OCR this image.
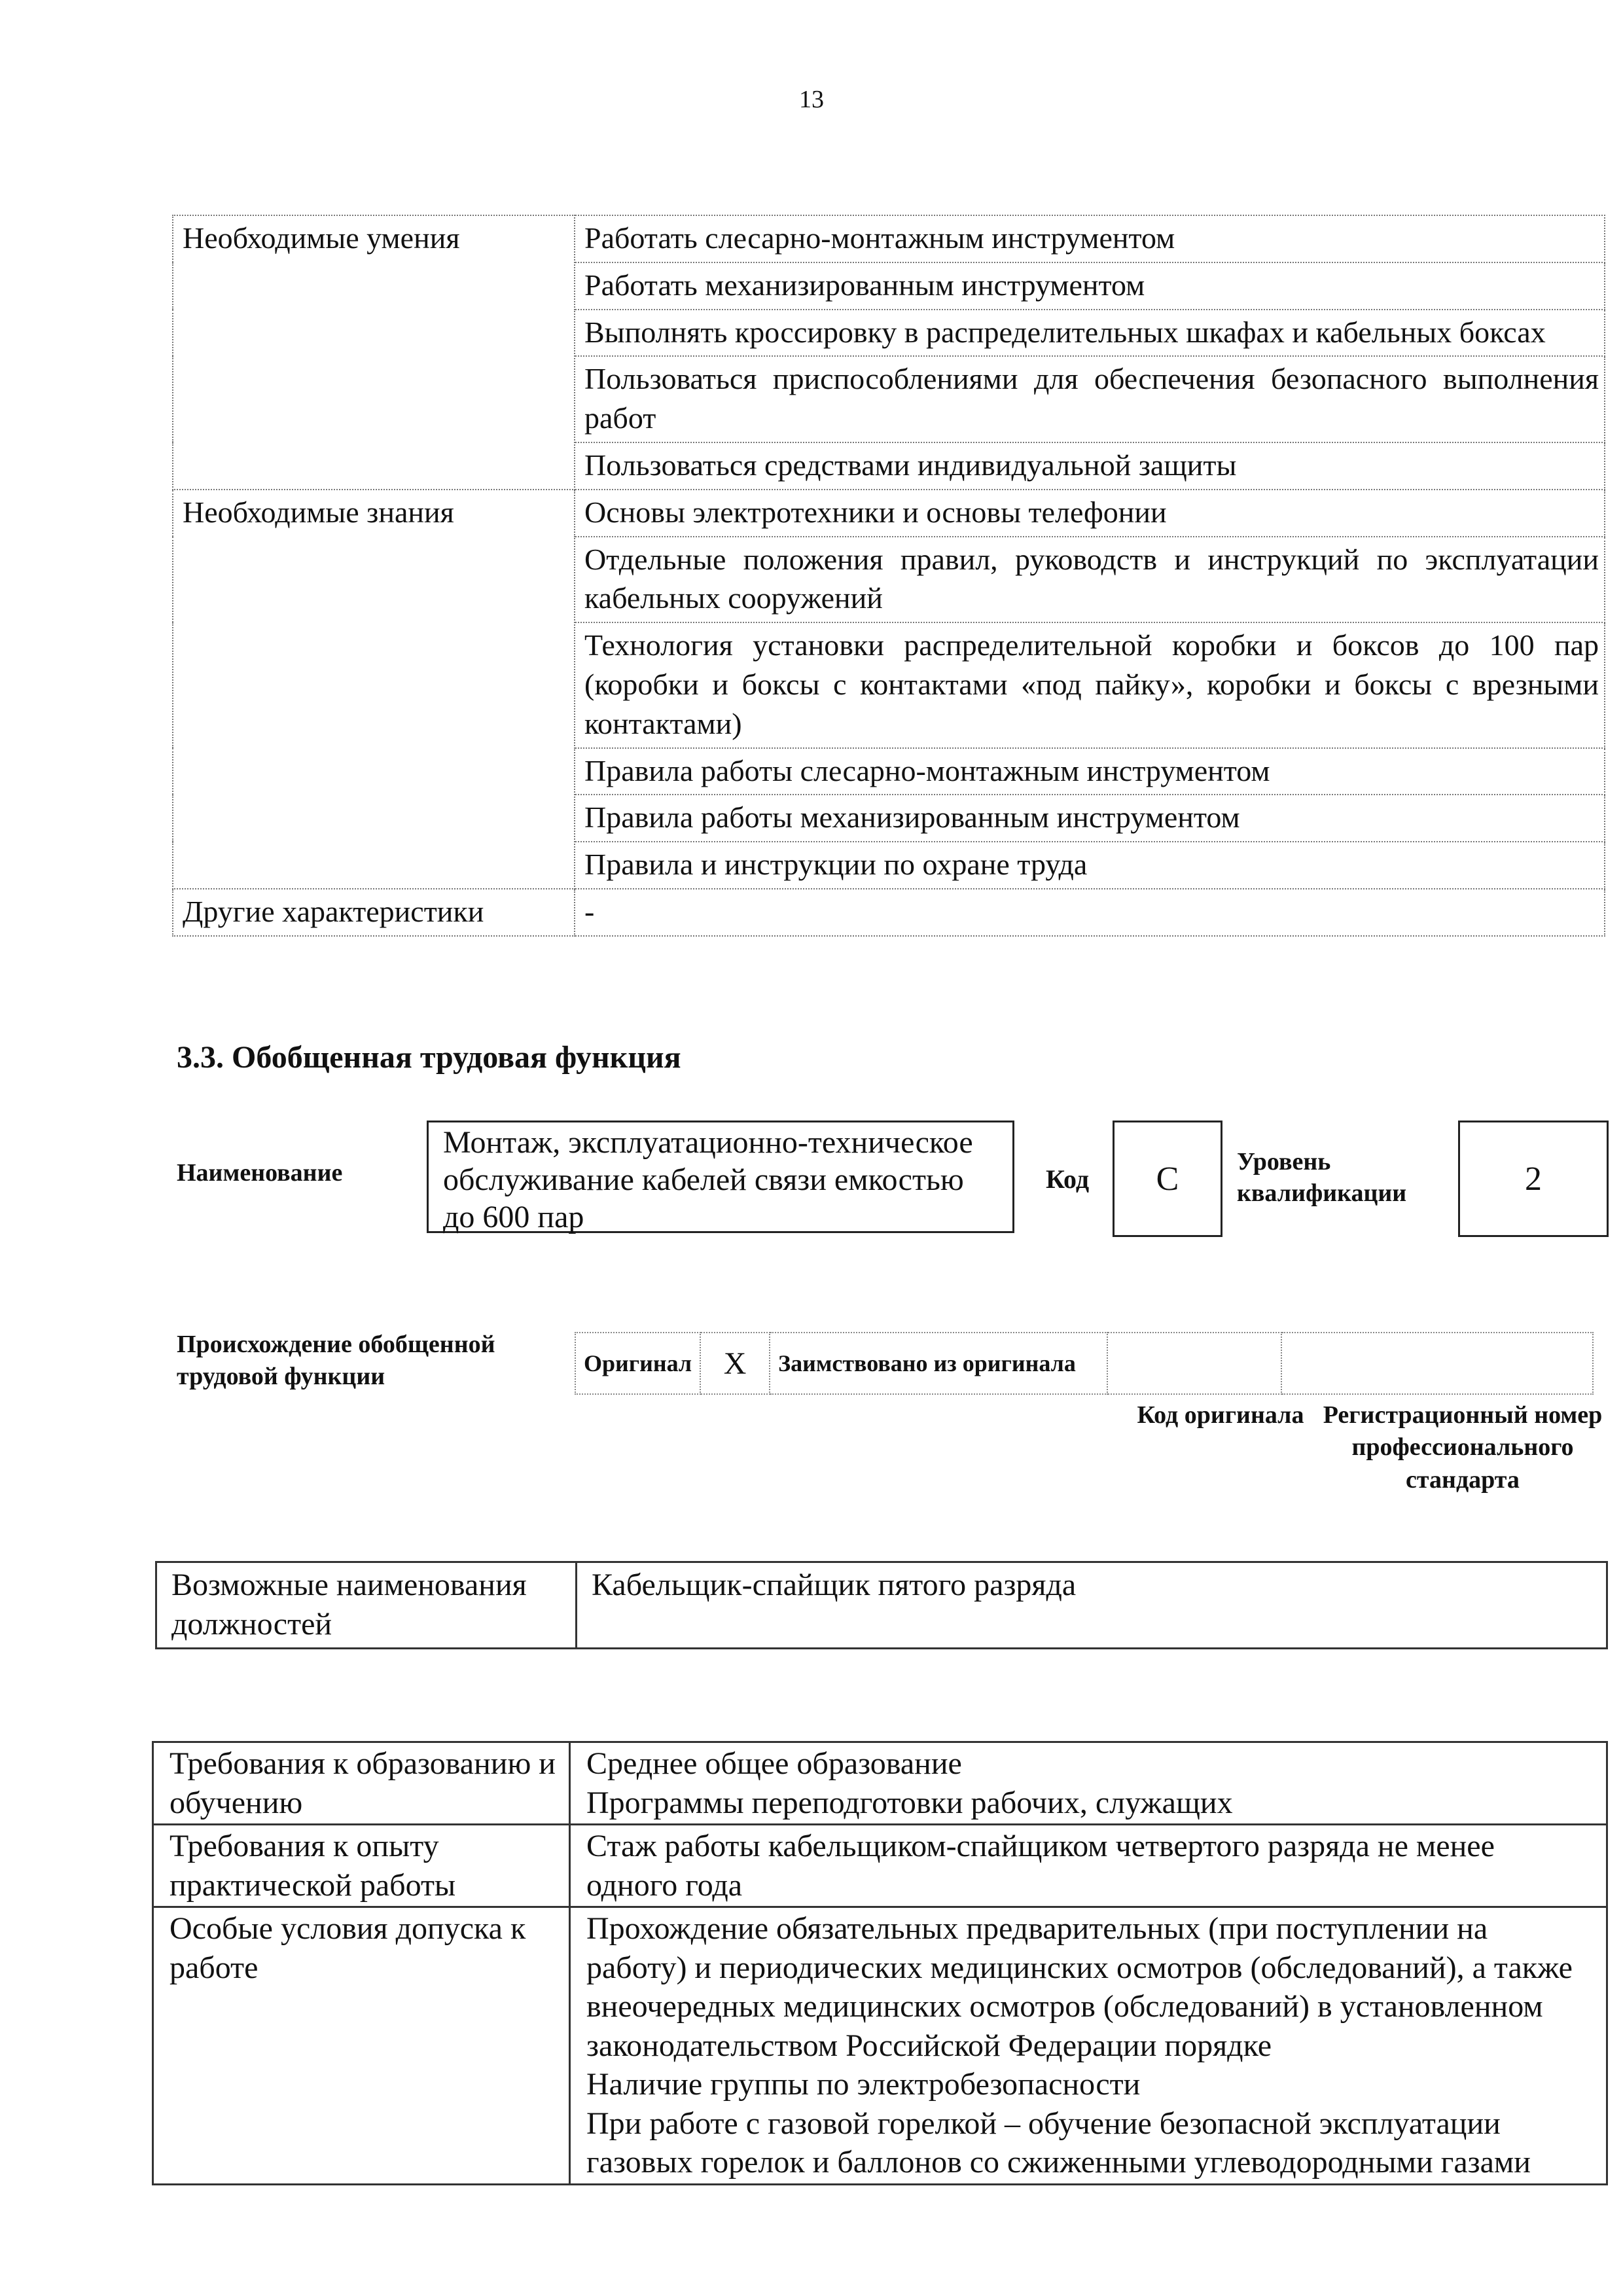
13
Необходимые умения	Работать слесарно-монтажным инструментом
	Работать механизированным инструментом
	Выполнять кроссировку в распределительных шкафах и кабельных боксах
	Пользоваться приспособлениями для обеспечения безопасного выполнения работ
	Пользоваться средствами индивидуальной защиты
Необходимые знания	Основы электротехники и основы телефонии
	Отдельные положения правил, руководств и инструкций по эксплуатации кабельных сооружений
	Технология установки распределительной коробки и боксов до 100 пар (коробки и боксы с контактами «под пайку», коробки и боксы с врезными контактами)
	Правила работы слесарно-монтажным инструментом
	Правила работы механизированным инструментом
	Правила и инструкции по охране труда
Другие характеристики	-
3.3. Обобщенная трудовая функция
Наименование
Монтаж, эксплуатационно-техническое обслуживание кабелей связи емкостью до 600 пар
Код	С	Уровень квалификации	2
Происхождение обобщенной трудовой функции	Оригинал	X	Заимствовано из оригинала		
Код оригинала Регистрационный номер профессионального стандарта
Возможные наименования должностей	Кабельщик-спайщик пятого разряда
Требования к образованию и обучению	Среднее общее образование
Программы переподготовки рабочих, служащих

Требования к опыту практической работы	Стаж работы кабельщиком-спайщиком четвертого разряда не менее одного года

Особые условия допуска к работе	Прохождение обязательных предварительных (при поступлении на работу) и периодических медицинских осмотров (обследований), а также внеочередных медицинских осмотров (обследований) в установленном законодательством Российской Федерации порядке
Наличие группы по электробезопасности
При работе с газовой горелкой – обучение безопасной эксплуатации газовых горелок и баллонов со сжиженными углеводородными газами
